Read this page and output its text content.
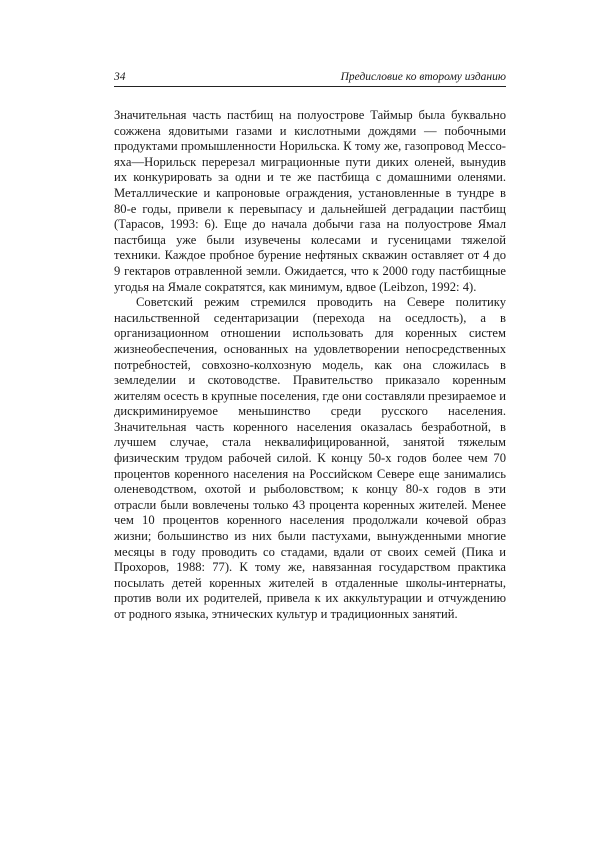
34	Предисловие ко второму изданию

Значительная часть пастбищ на полуострове Таймыр была буквально сожжена ядовитыми газами и кислотными дождями — побочными продуктами промышленности Норильска. К тому же, газопровод Мессояха—Норильск перерезал миграционные пути диких оленей, вынудив их конкурировать за одни и те же пастбища с домашними оленями. Металлические и капроновые ограждения, установленные в тундре в 80-е годы, привели к перевыпасу и дальнейшей деградации пастбищ (Тарасов, 1993: 6). Еще до начала добычи газа на полуострове Ямал пастбища уже были изувечены колесами и гусеницами тяжелой техники. Каждое пробное бурение нефтяных скважин оставляет от 4 до 9 гектаров отравленной земли. Ожидается, что к 2000 году пастбищные угодья на Ямале сократятся, как минимум, вдвое (Leibzon, 1992: 4).

Советский режим стремился проводить на Севере политику насильственной седентаризации (перехода на оседлость), а в организационном отношении использовать для коренных систем жизнеобеспечения, основанных на удовлетворении непосредственных потребностей, совхозно-колхозную модель, как она сложилась в земледелии и скотоводстве. Правительство приказало коренным жителям осесть в крупные поселения, где они составляли презираемое и дискриминируемое меньшинство среди русского населения. Значительная часть коренного населения оказалась безработной, в лучшем случае, стала неквалифицированной, занятой тяжелым физическим трудом рабочей силой. К концу 50-х годов более чем 70 процентов коренного населения на Российском Севере еще занимались оленеводством, охотой и рыболовством; к концу 80-х годов в эти отрасли были вовлечены только 43 процента коренных жителей. Менее чем 10 процентов коренного населения продолжали кочевой образ жизни; большинство из них были пастухами, вынужденными многие месяцы в году проводить со стадами, вдали от своих семей (Пика и Прохоров, 1988: 77). К тому же, навязанная государством практика посылать детей коренных жителей в отдаленные школы-интернаты, против воли их родителей, привела к их аккультурации и отчуждению от родного языка, этнических культур и традиционных занятий.
